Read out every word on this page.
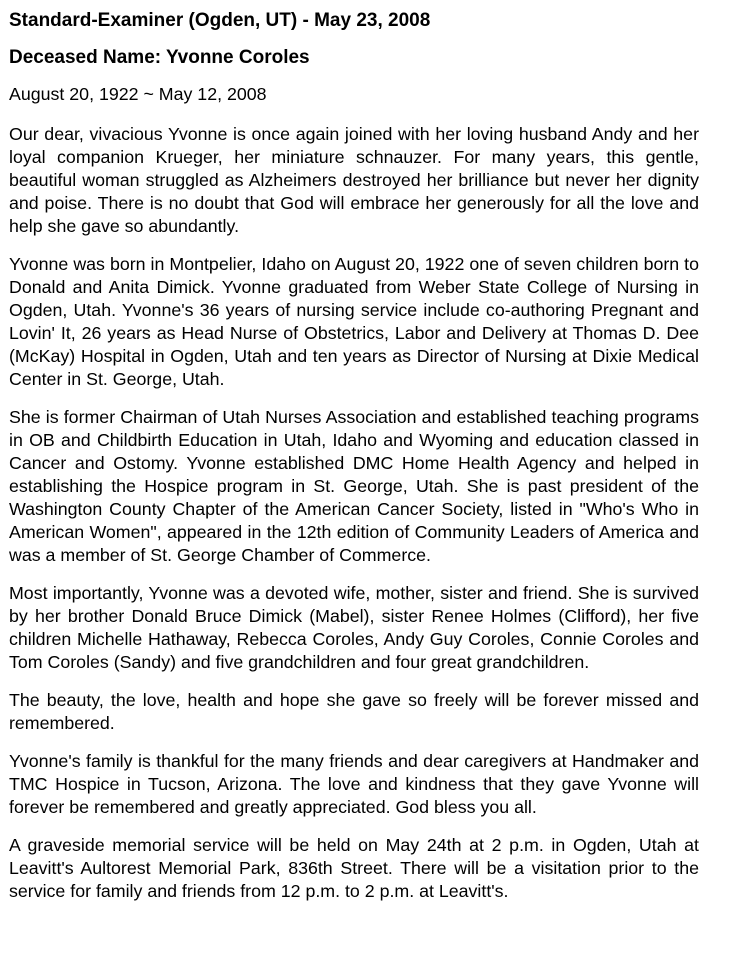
Standard-Examiner (Ogden, UT) - May 23, 2008

Deceased Name: Yvonne Coroles

August 20, 1922 ~ May 12, 2008

Our dear, vivacious Yvonne is once again joined with her loving husband Andy and her loyal companion Krueger, her miniature schnauzer. For many years, this gentle, beautiful woman struggled as Alzheimers destroyed her brilliance but never her dignity and poise. There is no doubt that God will embrace her generously for all the love and help she gave so abundantly.

Yvonne was born in Montpelier, Idaho on August 20, 1922 one of seven children born to Donald and Anita Dimick. Yvonne graduated from Weber State College of Nursing in Ogden, Utah. Yvonne's 36 years of nursing service include co-authoring Pregnant and Lovin' It, 26 years as Head Nurse of Obstetrics, Labor and Delivery at Thomas D. Dee (McKay) Hospital in Ogden, Utah and ten years as Director of Nursing at Dixie Medical Center in St. George, Utah.

She is former Chairman of Utah Nurses Association and established teaching programs in OB and Childbirth Education in Utah, Idaho and Wyoming and education classed in Cancer and Ostomy. Yvonne established DMC Home Health Agency and helped in establishing the Hospice program in St. George, Utah. She is past president of the Washington County Chapter of the American Cancer Society, listed in "Who's Who in American Women", appeared in the 12th edition of Community Leaders of America and was a member of St. George Chamber of Commerce.

Most importantly, Yvonne was a devoted wife, mother, sister and friend. She is survived by her brother Donald Bruce Dimick (Mabel), sister Renee Holmes (Clifford), her five children Michelle Hathaway, Rebecca Coroles, Andy Guy Coroles, Connie Coroles and Tom Coroles (Sandy) and five grandchildren and four great grandchildren.

The beauty, the love, health and hope she gave so freely will be forever missed and remembered.

Yvonne's family is thankful for the many friends and dear caregivers at Handmaker and TMC Hospice in Tucson, Arizona. The love and kindness that they gave Yvonne will forever be remembered and greatly appreciated. God bless you all.

A graveside memorial service will be held on May 24th at 2 p.m. in Ogden, Utah at Leavitt's Aultorest Memorial Park, 836th Street. There will be a visitation prior to the service for family and friends from 12 p.m. to 2 p.m. at Leavitt's.
